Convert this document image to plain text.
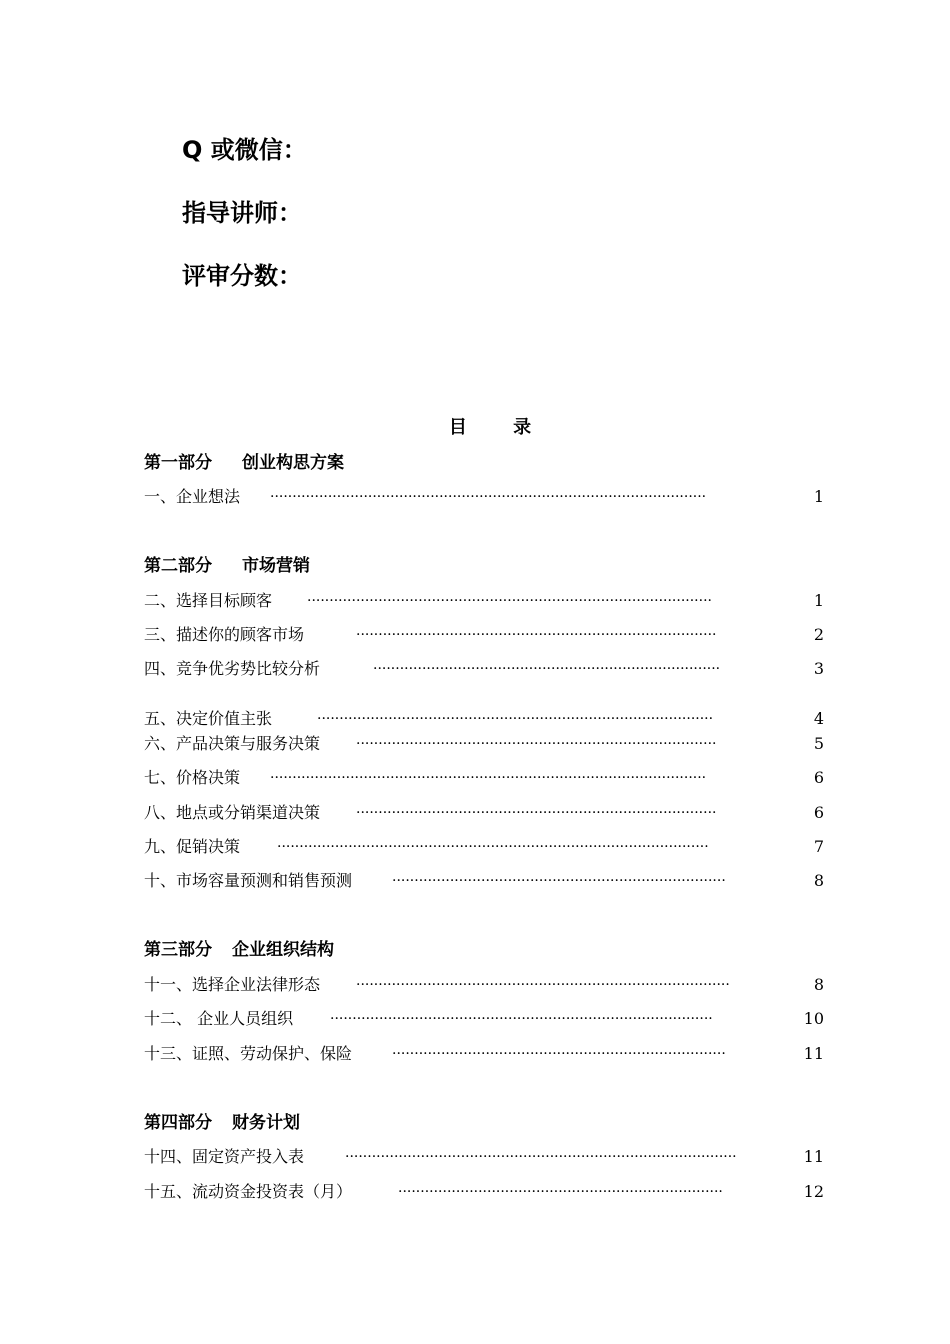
Q 或微信：
指导讲师：
评审分数：
目 录
第一部分 创业构思方案
一、企业想法 ··································································································	1
第二部分 市场营销
二、选择目标顾客 ···························································································	1
三、描述你的顾客市场	·················································································	2
四、竞争优劣势比较分析	··············································································	3
五、决定价值主张	·························································································	4
六、产品决策与服务决策	·················································································	5
七、价格决策 ··································································································	6
八、地点或分销渠道决策	·················································································	6
九、促销决策	·································································································	7
十、市场容量预测和销售预测	···········································································	8
第三部分 企业组织结构
十一、选择企业法律形态	····················································································	8
十二、 企业人员组织	······················································································	10
十三、证照、劳动保护、保险	···········································································	11
第四部分 财务计划
十四、固定资产投入表	························································································	11
十五、流动资金投资表（月）	·········································································	12
